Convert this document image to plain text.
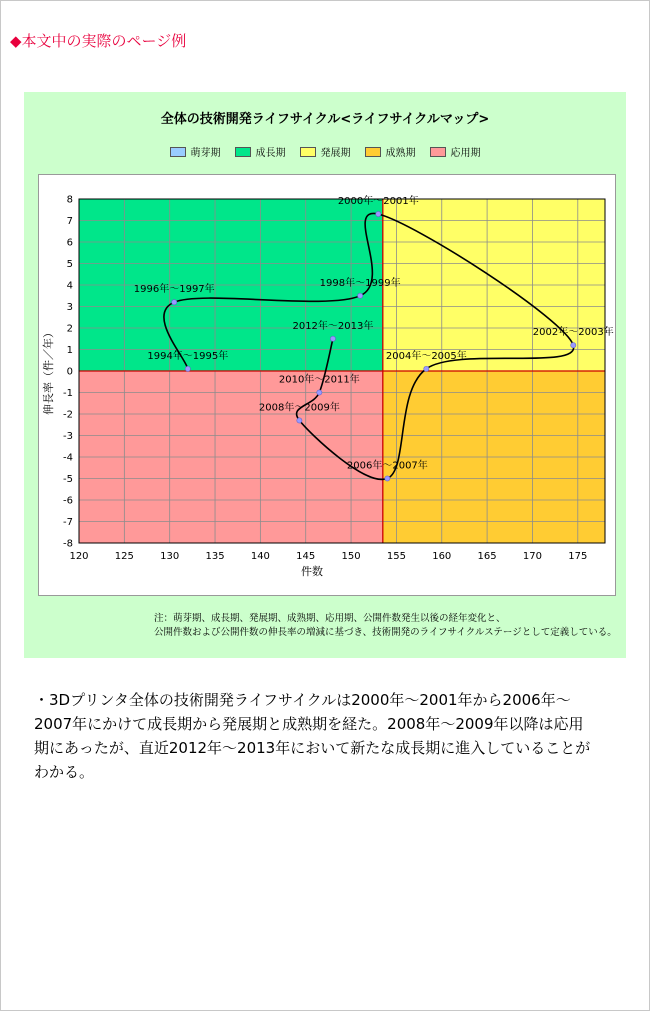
◆本文中の実際のページ例
全体の技術開発ライフサイクル<ライフサイクルマップ>
萌芽期	成長期	発展期	成熟期	応用期
120	125	130	135	140	145	150	155	160	165	170	175
-8
-7
-6
-5
-4
-3
-2
-1
0
1
2
3
4
5
6
7
8
1994年～1995年
1996年～1997年
1998年～1999年
2000年～2001年
2002年～2003年
2004年～2005年
2006年～2007年
2008年～2009年
2010年～2011年
2012年～2013年
件数
伸長率（件／年）
注：萌芽期、成長期、発展期、成熟期、応用期、公開件数発生以後の経年変化と、
公開件数および公開件数の伸長率の増減に基づき、技術開発のライフサイクルステージとして定義している。
・3Dプリンタ全体の技術開発ライフサイクルは2000年～2001年から2006年～
2007年にかけて成長期から発展期と成熟期を経た。2008年～2009年以降は応用
期にあったが、直近2012年～2013年において新たな成長期に進入していることが
わかる。
